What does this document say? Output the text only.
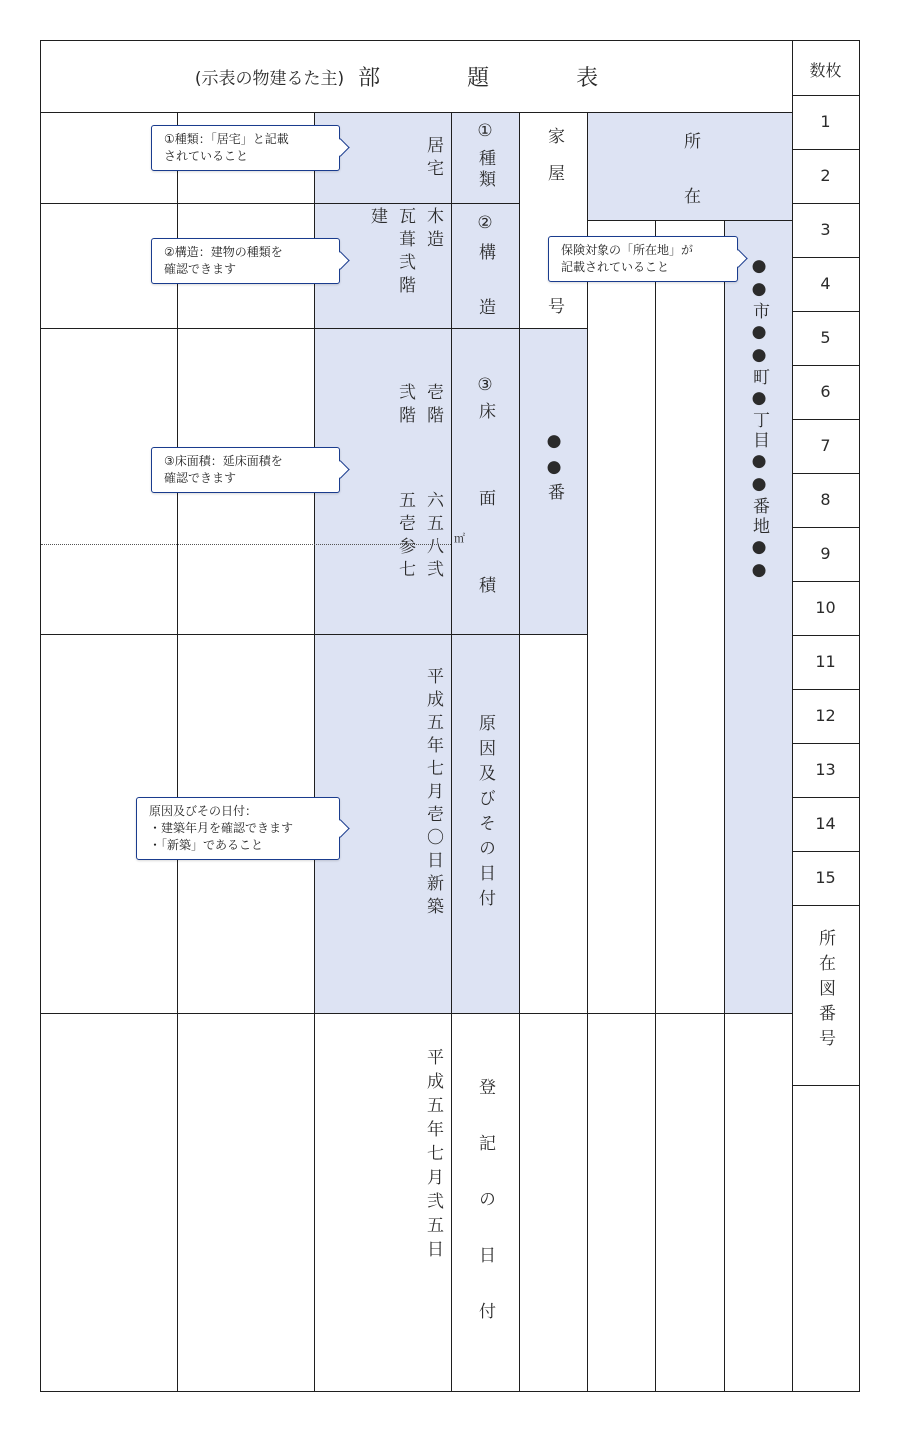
(示表の物建るた主) 部 題 表	数枚
1
2
3
4
5
6
7
8
9
10
11
12
13
14
15
所在図番号
①
種類
②
構造
③
床面積
原因及びその日付
登記の日付
居宅
木造
瓦葺弐階
建
壱階
弐階
六五八弐
五壱参七	㎡
平成五年七月壱〇日新築
平成五年七月弐五日
家屋
号
●●番
所
在
●●市●●町●丁目●●番地●●
①種類：「居宅」と記載
されていること
②構造：建物の種類を
確認できます
保険対象の「所在地」が
記載されていること
③床面積：延床面積を
確認できます
原因及びその日付：
・建築年月を確認できます
・「新築」であること
